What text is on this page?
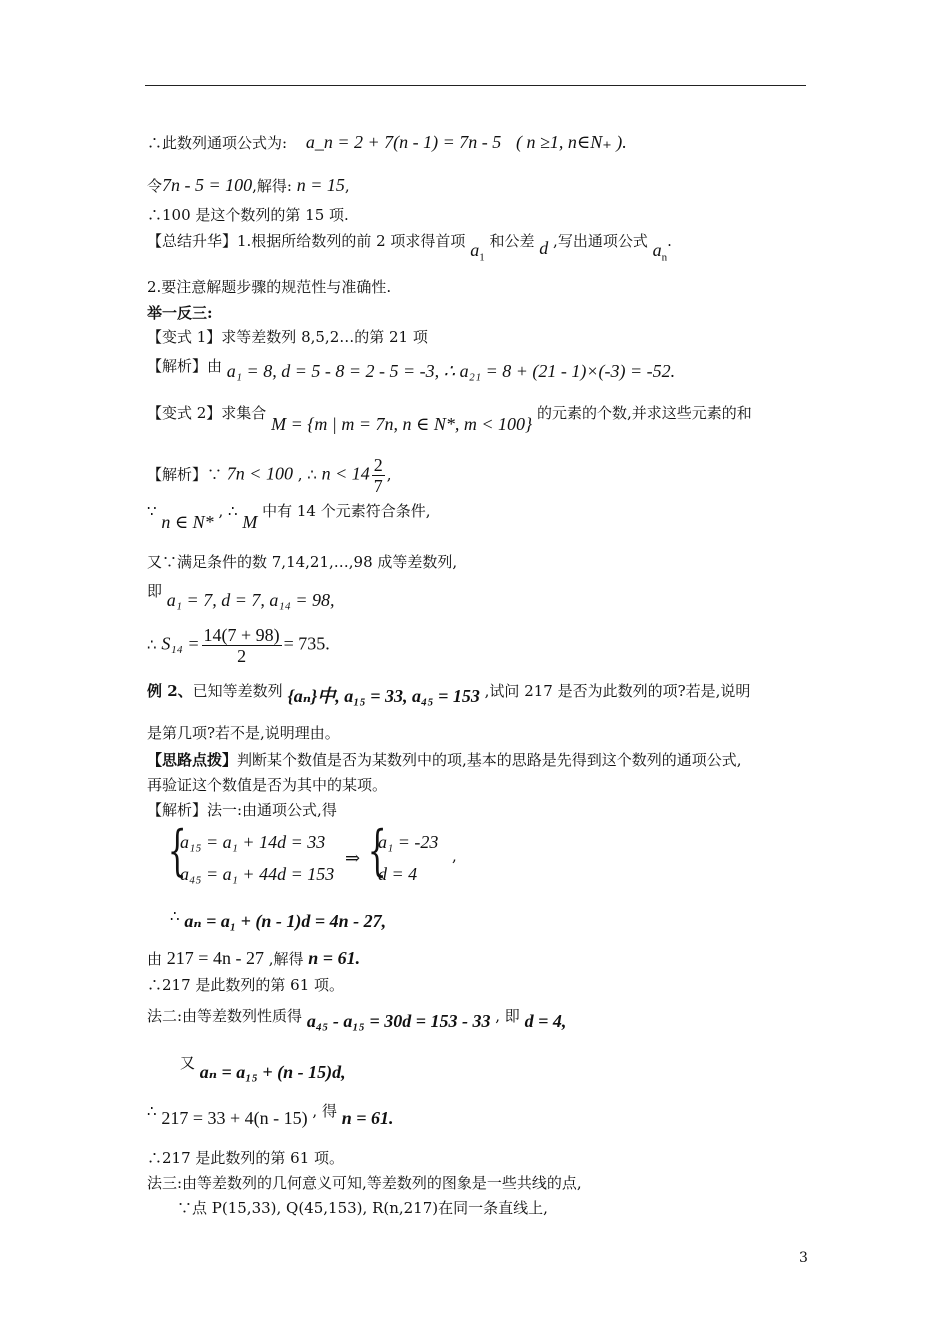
∴此数列通项公式为: a_n = 2 + 7(n - 1) = 7n - 5 ( n ≥1, n∈N₊ ).
令7n - 5 = 100,解得: n = 15,
∴100 是这个数列的第 15 项.
【总结升华】1.根据所给数列的前 2 项求得首项 $a_1$ 和公差 d ,写出通项公式 $a_n$.
2.要注意解题步骤的规范性与准确性.
举一反三:
【变式 1】求等差数列 8,5,2…的第 21 项
【解析】由 a₁ = 8, d = 5 - 8 = 2 - 5 = -3, ∴ a₂₁ = 8 + (21 - 1)×(-3) = -52.
【变式 2】求集合 M = {m | m = 7n, n ∈ N*, m < 100} 的元素的个数,并求这些元素的和
【解析】∵ 7n < 100 , ∴ $n < 14 \frac{2}{7}$ ,
∵ n ∈ N* , ∴ M 中有 14 个元素符合条件,
又∵满足条件的数 7,14,21,…,98 成等差数列,
即 a₁ = 7, d = 7, a₁₄ = 98,
∴ $S_{14} = \frac{14(7 + 98)}{2} = 735$.
例 2、已知等差数列 {aₙ}中, a₁₅ = 33, a₄₅ = 153 ,试问 217 是否为此数列的项?若是,说明
是第几项?若不是,说明理由。
【思路点拨】判断某个数值是否为某数列中的项,基本的思路是先得到这个数列的通项公式,
再验证这个数值是否为其中的某项。
【解析】法一:由通项公式,得
{
a₁₅ = a₁ + 14d = 33
a₄₅ = a₁ + 44d = 153
⇒ {
a₁ = -23
d = 4
,
∴ aₙ = a₁ + (n - 1)d = 4n - 27,
由 217 = 4n - 27 ,解得 n = 61.
∴217 是此数列的第 61 项。
法二:由等差数列性质得 a₄₅ - a₁₅ = 30d = 153 - 33 , 即 d = 4,
又 aₙ = a₁₅ + (n - 15)d,
∴ 217 = 33 + 4(n - 15) , 得 n = 61.
∴217 是此数列的第 61 项。
法三:由等差数列的几何意义可知,等差数列的图象是一些共线的点,
∵点 P(15,33), Q(45,153), R(n,217)在同一条直线上,
3
